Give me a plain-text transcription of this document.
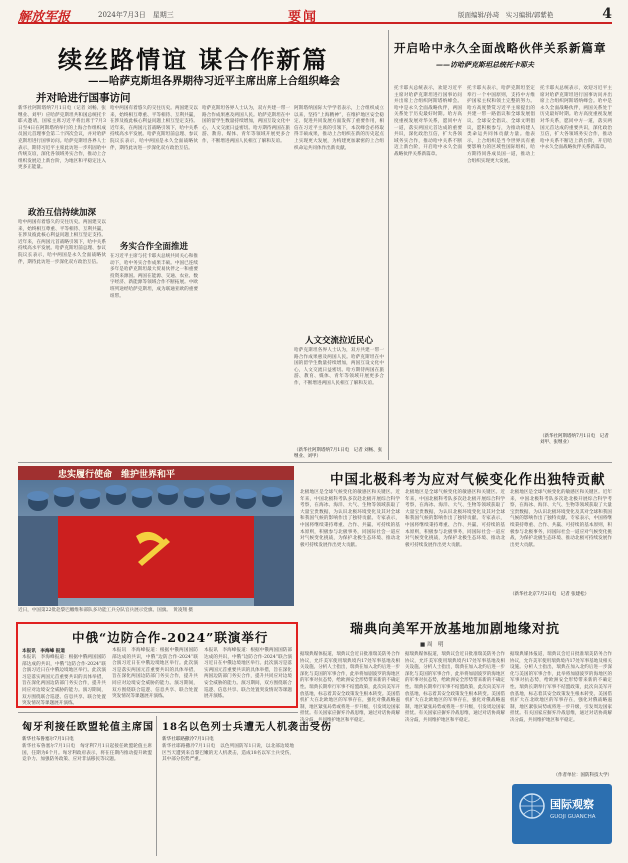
解放军报	2024年7月3日　星期三	要闻	版面编辑/孙琦　实习编辑/郭紫艳	4
续丝路情谊 谋合作新篇
——哈萨克斯坦各界期待习近平主席出席上合组织峰会
并对哈进行国事访问
新华社阿斯塔纳7月1日电（记者 刘畅、张继业、刘甲）应哈萨克斯坦共和国总统托卡耶夫邀请，国家主席习近平将出席于7月3日至4日在阿斯塔纳举行的上海合作组织成员国元首理事会第二十四次会议，并对哈萨克斯坦进行国事访问。哈萨克斯坦各界人士表示，期待习近平主席此访进一步巩固哈中传统友谊，深化各领域务实合作，推动上合组织发展迈上新台阶，为地区和平稳定注入更多正能量。
政治互信持续加深
哈中两国有着悠久的交往历史。两国建交以来，始终相互尊重、平等相待、互利共赢，在涉及彼此核心利益问题上相互坚定支持。近年来，在两国元首战略引领下，哈中关系持续高水平发展。哈萨克斯坦前总理、参议院议长表示，哈中两国是永久全面战略伙伴，期待此访进一步深化双方政治互信。
哈中两国有着悠久的交往历史。两国建交以来，始终相互尊重、平等相待、互利共赢，在涉及彼此核心利益问题上相互坚定支持。近年来，在两国元首战略引领下，哈中关系持续高水平发展。哈萨克斯坦前总理、参议院议长表示，哈中两国是永久全面战略伙伴，期待此访进一步深化双方政治互信。
务实合作全面推进
在习近平主席与托卡耶夫总统共同关心和推动下，哈中务实合作成果丰硕。中国已连续多年是哈萨克斯坦最大贸易伙伴之一和重要投资来源国。两国在能源、交通、农业、数字经济、新能源等领域合作不断拓展。中欧班列途经哈萨克斯坦，成为联通亚欧的重要纽带。
哈萨克斯坦各界人士认为，双方共建一带一路合作成果惠及两国人民。哈萨克斯坦在中国的留学生数量持续增加，两国互设文化中心，人文交流日益密切。哈方期待两国在旅游、教育、媒体、青年等领域开展更多合作，不断增进两国人民相互了解和友谊。
阿斯塔纳国际大学学者表示，上合组织成立以来，坚持“上海精神”，在维护地区安全稳定、促进共同发展方面发挥了重要作用，相信在习近平主席的引领下，本次峰会必将取得丰硕成果，推动上合组织在新的历史起点上实现更大发展，为构建更加紧密的上合组织命运共同体作出新贡献。
人文交流拉近民心
哈萨克斯坦各界人士认为，双方共建一带一路合作成果惠及两国人民。哈萨克斯坦在中国的留学生数量持续增加，两国互设文化中心，人文交流日益密切。哈方期待两国在旅游、教育、媒体、青年等领域开展更多合作，不断增进两国人民相互了解和友谊。
（新华社阿斯塔纳7月1日电　记者 刘畅、张继业、刘甲）
开启哈中永久全面战略伙伴关系新篇章
——访哈萨克斯坦总统托卡耶夫
托卡耶夫总统表示，欢迎习近平主席对哈萨克斯坦进行国事访问并出席上合组织阿斯塔纳峰会。哈中是永久全面战略伙伴，两国关系处于历史最好时期。哈方高度重视发展对华关系，愿同中方一道，落实两国元首达成的重要共识，深化政治互信，扩大各领域务实合作，推动哈中关系不断迈上新台阶，开启哈中永久全面战略伙伴关系新篇章。
托卡耶夫表示，哈萨克斯坦坚定奉行一个中国原则，支持中方维护国家主权和领土完整的努力。哈方高度赞赏习近平主席提出的共建一带一路倡议和全球发展倡议、全球安全倡议、全球文明倡议，愿积极参与，为推动构建人类命运共同体贡献力量。他表示，上合组织是当今世界具有重要影响力的区域性国际组织，哈方期待同各成员国一道，推动上合组织实现更大发展。
托卡耶夫总统表示，欢迎习近平主席对哈萨克斯坦进行国事访问并出席上合组织阿斯塔纳峰会。哈中是永久全面战略伙伴，两国关系处于历史最好时期。哈方高度重视发展对华关系，愿同中方一道，落实两国元首达成的重要共识，深化政治互信，扩大各领域务实合作，推动哈中关系不断迈上新台阶，开启哈中永久全面战略伙伴关系新篇章。
（新华社阿斯塔纳7月1日电　记者 刘甲、张继业）
中国北极科考为应对气候变化作出独特贡献
北极地区是全球气候变化的敏感区和关键区。近年来，中国北极科考队多次赴北极开展综合科学考察，在海冰、海洋、大气、生物等领域获取了大量宝贵数据，为认识北极环境变化及其对全球和我国气候的影响作出了独特贡献。专家表示，中国将继续秉持尊重、合作、共赢、可持续的基本原则，积极参与北极事务，同国际社会一道应对气候变化挑战，为保护北极生态环境、推动北极可持续发展作出更大贡献。
北极地区是全球气候变化的敏感区和关键区。近年来，中国北极科考队多次赴北极开展综合科学考察，在海冰、海洋、大气、生物等领域获取了大量宝贵数据，为认识北极环境变化及其对全球和我国气候的影响作出了独特贡献。专家表示，中国将继续秉持尊重、合作、共赢、可持续的基本原则，积极参与北极事务，同国际社会一道应对气候变化挑战，为保护北极生态环境、推动北极可持续发展作出更大贡献。
北极地区是全球气候变化的敏感区和关键区。近年来，中国北极科考队多次赴北极开展综合科学考察，在海冰、海洋、大气、生物等领域获取了大量宝贵数据，为认识北极环境变化及其对全球和我国气候的影响作出了独特贡献。专家表示，中国将继续秉持尊重、合作、共赢、可持续的基本原则，积极参与北极事务，同国际社会一道应对气候变化挑战，为保护北极生态环境、推动北极可持续发展作出更大贡献。
（新华社北京7月2日电　记者 张建松）
忠实履行使命　维护世界和平
近日，中国第22批赴黎巴嫩维和部队多功能工兵分队官兵展示党旗、国旗。　黄凌翔 摄
中俄“边防合作-2024”联演举行
本报讯　李海峰 报道
本报讯　李海峰报道：根据中俄两国国防部达成的共识，中俄“边防合作-2024”联合演习近日在中俄边境地区举行。此次演习是落实两国元首重要共识的具体举措，旨在深化两国边防部门务实合作，提升共同应对边境安全威胁的能力。演习期间，双方围绕联合巡逻、信息共享、联合处置突发情况等课题展开演练。
本报讯　李海峰报道：根据中俄两国国防部达成的共识，中俄“边防合作-2024”联合演习近日在中俄边境地区举行。此次演习是落实两国元首重要共识的具体举措，旨在深化两国边防部门务实合作，提升共同应对边境安全威胁的能力。演习期间，双方围绕联合巡逻、信息共享、联合处置突发情况等课题展开演练。
本报讯　李海峰报道：根据中俄两国国防部达成的共识，中俄“边防合作-2024”联合演习近日在中俄边境地区举行。此次演习是落实两国元首重要共识的具体举措，旨在深化两国边防部门务实合作，提升共同应对边境安全威胁的能力。演习期间，双方围绕联合巡逻、信息共享、联合处置突发情况等课题展开演练。
瑞典向美军开放基地加剧地缘对抗
■ 周　明
据瑞典媒体报道，瑞典议会近日批准瑞美防务合作协议，允许美军使用瑞典境内17处军事基地及相关设施。分析人士指出，瑞典在加入北约后进一步深化与美国的军事合作，此举将加剧波罗的海地区的军事对抗态势，给欧洲安全形势带来新的不确定性。瑞典长期奉行军事不结盟政策，此次向美军开放基地，标志着其安全政策发生根本转变。美国借机扩大在北欧地区的军事存在，强化对俄战略遏制，地区紧张局势或将进一步升级，引发周边国家担忧。有关国家应摒弃冷战思维，通过对话协商解决分歧，共同维护地区和平稳定。
据瑞典媒体报道，瑞典议会近日批准瑞美防务合作协议，允许美军使用瑞典境内17处军事基地及相关设施。分析人士指出，瑞典在加入北约后进一步深化与美国的军事合作，此举将加剧波罗的海地区的军事对抗态势，给欧洲安全形势带来新的不确定性。瑞典长期奉行军事不结盟政策，此次向美军开放基地，标志着其安全政策发生根本转变。美国借机扩大在北欧地区的军事存在，强化对俄战略遏制，地区紧张局势或将进一步升级，引发周边国家担忧。有关国家应摒弃冷战思维，通过对话协商解决分歧，共同维护地区和平稳定。
据瑞典媒体报道，瑞典议会近日批准瑞美防务合作协议，允许美军使用瑞典境内17处军事基地及相关设施。分析人士指出，瑞典在加入北约后进一步深化与美国的军事合作，此举将加剧波罗的海地区的军事对抗态势，给欧洲安全形势带来新的不确定性。瑞典长期奉行军事不结盟政策，此次向美军开放基地，标志着其安全政策发生根本转变。美国借机扩大在北欧地区的军事存在，强化对俄战略遏制，地区紧张局势或将进一步升级，引发周边国家担忧。有关国家应摒弃冷战思维，通过对话协商解决分歧，共同维护地区和平稳定。
（作者单位：国防科技大学）
国际观察
GUOJI GUANCHA
匈牙利接任欧盟轮值主席国
新华社布鲁塞尔7月1日电
新华社布鲁塞尔7月1日电　匈牙利7月1日起接任欧盟轮值主席国，任期为6个月。匈牙利政府表示，将在任期内推动提升欧盟竞争力、加强防务政策、应对非法移民等议题。
18名以色列士兵遭无人机袭击受伤
新华社耶路撒冷7月1日电
新华社耶路撒冷7月1日电　以色列国防军1日说，以北部边境地区当天遭到来自黎巴嫩的无人机袭击，造成18名以军士兵受伤，其中部分伤势严重。
